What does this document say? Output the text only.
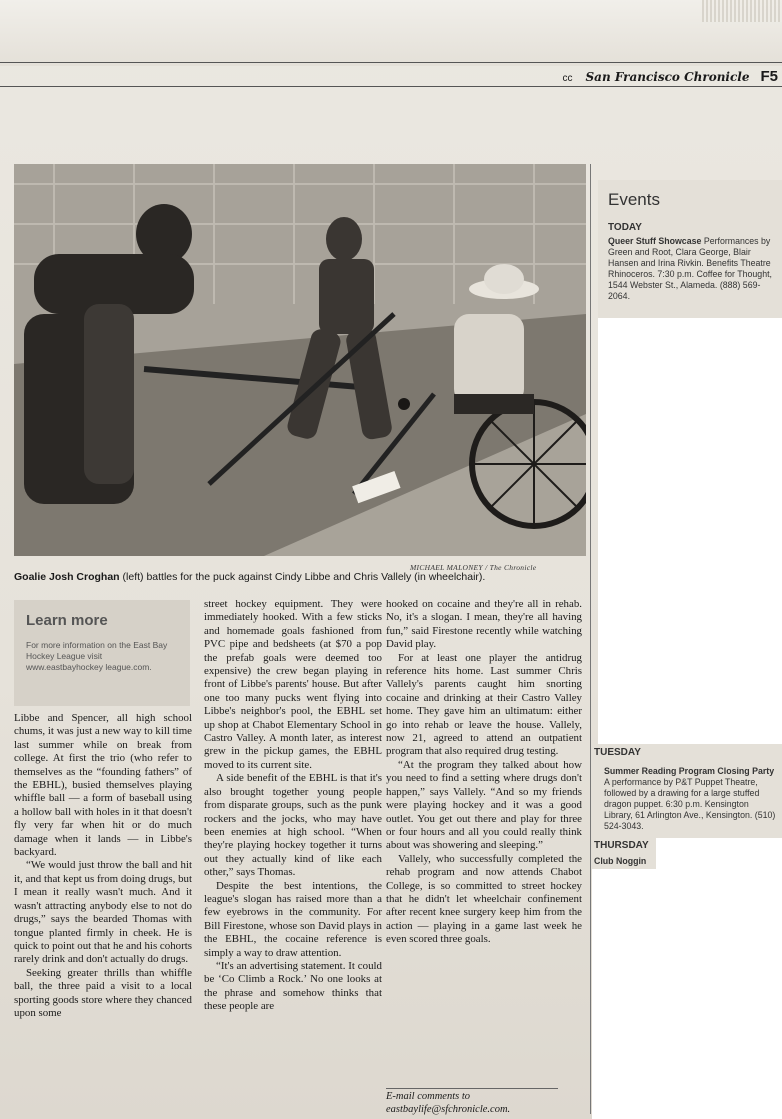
cc San Francisco Chronicle F5
MICHAEL MALONEY / The Chronicle
Goalie Josh Croghan (left) battles for the puck against Cindy Libbe and Chris Vallely (in wheelchair).
Learn more
For more information on the East Bay Hockey League visit www.eastbayhockey league.com.

Libbe and Spencer, all high school chums, it was just a new way to kill time last summer while on break from college. At first the trio (who refer to themselves as the “founding fathers” of the EBHL), busied themselves playing whiffle ball — a form of baseball using a hollow ball with holes in it that doesn't fly very far when hit or do much damage when it lands — in Libbe's backyard.

“We would just throw the ball and hit it, and that kept us from doing drugs, but I mean it really wasn't much. And it wasn't attracting anybody else to not do drugs,” says the bearded Thomas with tongue planted firmly in cheek. He is quick to point out that he and his cohorts rarely drink and don't actually do drugs.

Seeking greater thrills than whiffle ball, the three paid a visit to a local sporting goods store where they chanced upon some

street hockey equipment. They were immediately hooked. With a few sticks and homemade goals fashioned from PVC pipe and bedsheets (at $70 a pop the prefab goals were deemed too expensive) the crew began playing in front of Libbe's parents' house. But after one too many pucks went flying into Libbe's neighbor's pool, the EBHL set up shop at Chabot Elementary School in Castro Valley. A month later, as interest grew in the pickup games, the EBHL moved to its current site.

A side benefit of the EBHL is that it's also brought together young people from disparate groups, such as the punk rockers and the jocks, who may have been enemies at high school. “When they're playing hockey together it turns out they actually kind of like each other,” says Thomas.

Despite the best intentions, the league's slogan has raised more than a few eyebrows in the community. For Bill Firestone, whose son David plays in the EBHL, the cocaine reference is simply a way to draw attention.

“It's an advertising statement. It could be ‘Co Climb a Rock.’ No one looks at the phrase and somehow thinks that these people are

hooked on cocaine and they're all in rehab. No, it's a slogan. I mean, they're all having fun,” said Firestone recently while watching David play.

For at least one player the antidrug reference hits home. Last summer Chris Vallely's parents caught him snorting cocaine and drinking at their Castro Valley home. They gave him an ultimatum: either go into rehab or leave the house. Vallely, now 21, agreed to attend an outpatient program that also required drug testing.

“At the program they talked about how you need to find a setting where drugs don't happen,” says Vallely. “And so my friends were playing hockey and it was a good outlet. You get out there and play for three or four hours and all you could really think about was showering and sleeping.”

Vallely, who successfully completed the rehab program and now attends Chabot College, is so committed to street hockey that he didn't let wheelchair confinement after recent knee surgery keep him from the action — playing in a game last week he even scored three goals.

E-mail comments to eastbaylife@sfchronicle.com.
Events
TODAY
Queer Stuff Showcase Performances by Green and Root, Clara George, Blair Hansen and Irina Rivkin. Benefits Theatre Rhinoceros. 7:30 p.m. Coffee for Thought, 1544 Webster St., Alameda. (888) 569-2064.
TUESDAY
Summer Reading Program Closing Party A performance by P&T Puppet Theatre, followed by a drawing for a large stuffed dragon puppet. 6:30 p.m. Kensington Library, 61 Arlington Ave., Kensington. (510) 524-3043.
THURSDAY
Club Noggin
